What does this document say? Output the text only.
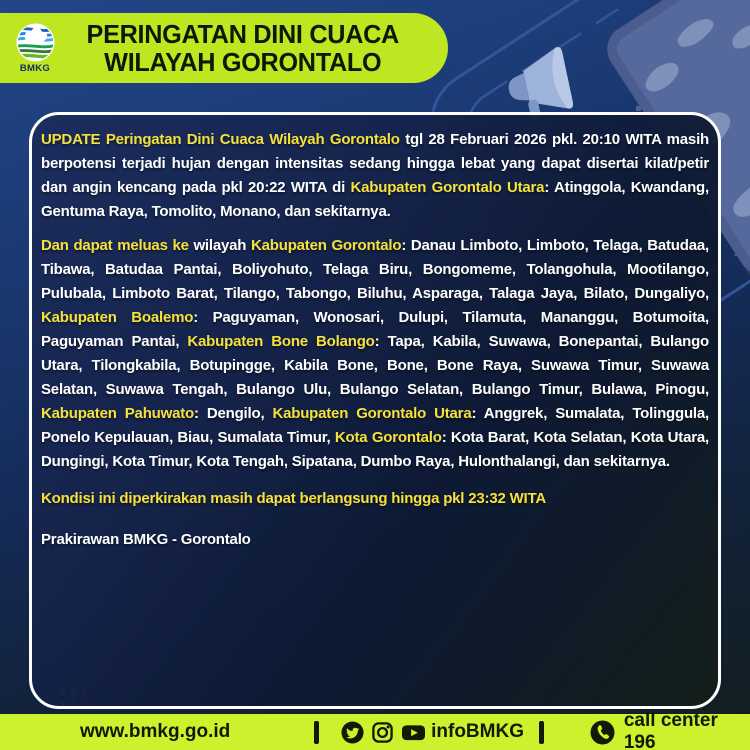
BMKG
PERINGATAN DINI CUACA
WILAYAH GORONTALO

UPDATE Peringatan Dini Cuaca Wilayah Gorontalo tgl 28 Februari 2026 pkl. 20:10 WITA masih berpotensi terjadi hujan dengan intensitas sedang hingga lebat yang dapat disertai kilat/petir dan angin kencang pada pkl 20:22 WITA di Kabupaten Gorontalo Utara: Atinggola, Kwandang, Gentuma Raya, Tomolito, Monano, dan sekitarnya.

Dan dapat meluas ke wilayah Kabupaten Gorontalo: Danau Limboto, Limboto, Telaga, Batudaa, Tibawa, Batudaa Pantai, Boliyohuto, Telaga Biru, Bongomeme, Tolangohula, Mootilango, Pulubala, Limboto Barat, Tilango, Tabongo, Biluhu, Asparaga, Talaga Jaya, Bilato, Dungaliyo, Kabupaten Boalemo: Paguyaman, Wonosari, Dulupi, Tilamuta, Mananggu, Botumoita, Paguyaman Pantai, Kabupaten Bone Bolango: Tapa, Kabila, Suwawa, Bonepantai, Bulango Utara, Tilongkabila, Botupingge, Kabila Bone, Bone, Bone Raya, Suwawa Timur, Suwawa Selatan, Suwawa Tengah, Bulango Ulu, Bulango Selatan, Bulango Timur, Bulawa, Pinogu, Kabupaten Pahuwato: Dengilo, Kabupaten Gorontalo Utara: Anggrek, Sumalata, Tolinggula, Ponelo Kepulauan, Biau, Sumalata Timur, Kota Gorontalo: Kota Barat, Kota Selatan, Kota Utara, Dungingi, Kota Timur, Kota Tengah, Sipatana, Dumbo Raya, Hulonthalangi, dan sekitarnya.

Kondisi ini diperkirakan masih dapat berlangsung hingga pkl 23:32 WITA

Prakirawan BMKG - Gorontalo

www.bmkg.go.id	infoBMKG
call center 196
